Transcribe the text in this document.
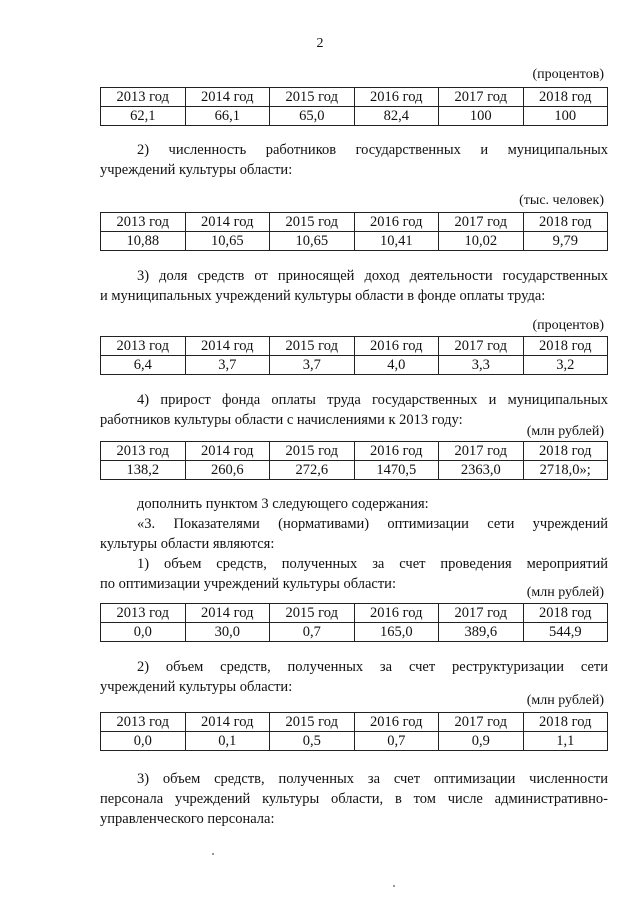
2
(процентов)
2013 год	2014 год	2015 год	2016 год	2017 год	2018 год
62,1	66,1	65,0	82,4	100	100
2) численность работников государственных и муниципальных
учреждений культуры области:
(тыс. человек)
2013 год	2014 год	2015 год	2016 год	2017 год	2018 год
10,88	10,65	10,65	10,41	10,02	9,79
3) доля средств от приносящей доход деятельности государственных
и муниципальных учреждений культуры области в фонде оплаты труда:
(процентов)
2013 год	2014 год	2015 год	2016 год	2017 год	2018 год
6,4	3,7	3,7	4,0	3,3	3,2
4) прирост фонда оплаты труда государственных и муниципальных
работников культуры области с начислениями к 2013 году:
(млн рублей)
2013 год	2014 год	2015 год	2016 год	2017 год	2018 год
138,2	260,6	272,6	1470,5	2363,0	2718,0»;
дополнить пунктом 3 следующего содержания:
«3. Показателями (нормативами) оптимизации сети учреждений
культуры области являются:
1) объем средств, полученных за счет проведения мероприятий
по оптимизации учреждений культуры области:
(млн рублей)
2013 год	2014 год	2015 год	2016 год	2017 год	2018 год
0,0	30,0	0,7	165,0	389,6	544,9
2) объем средств, полученных за счет реструктуризации сети
учреждений культуры области:
(млн рублей)
2013 год	2014 год	2015 год	2016 год	2017 год	2018 год
0,0	0,1	0,5	0,7	0,9	1,1
3) объем средств, полученных за счет оптимизации численности
персонала учреждений культуры области, в том числе административно-
управленческого персонала:
